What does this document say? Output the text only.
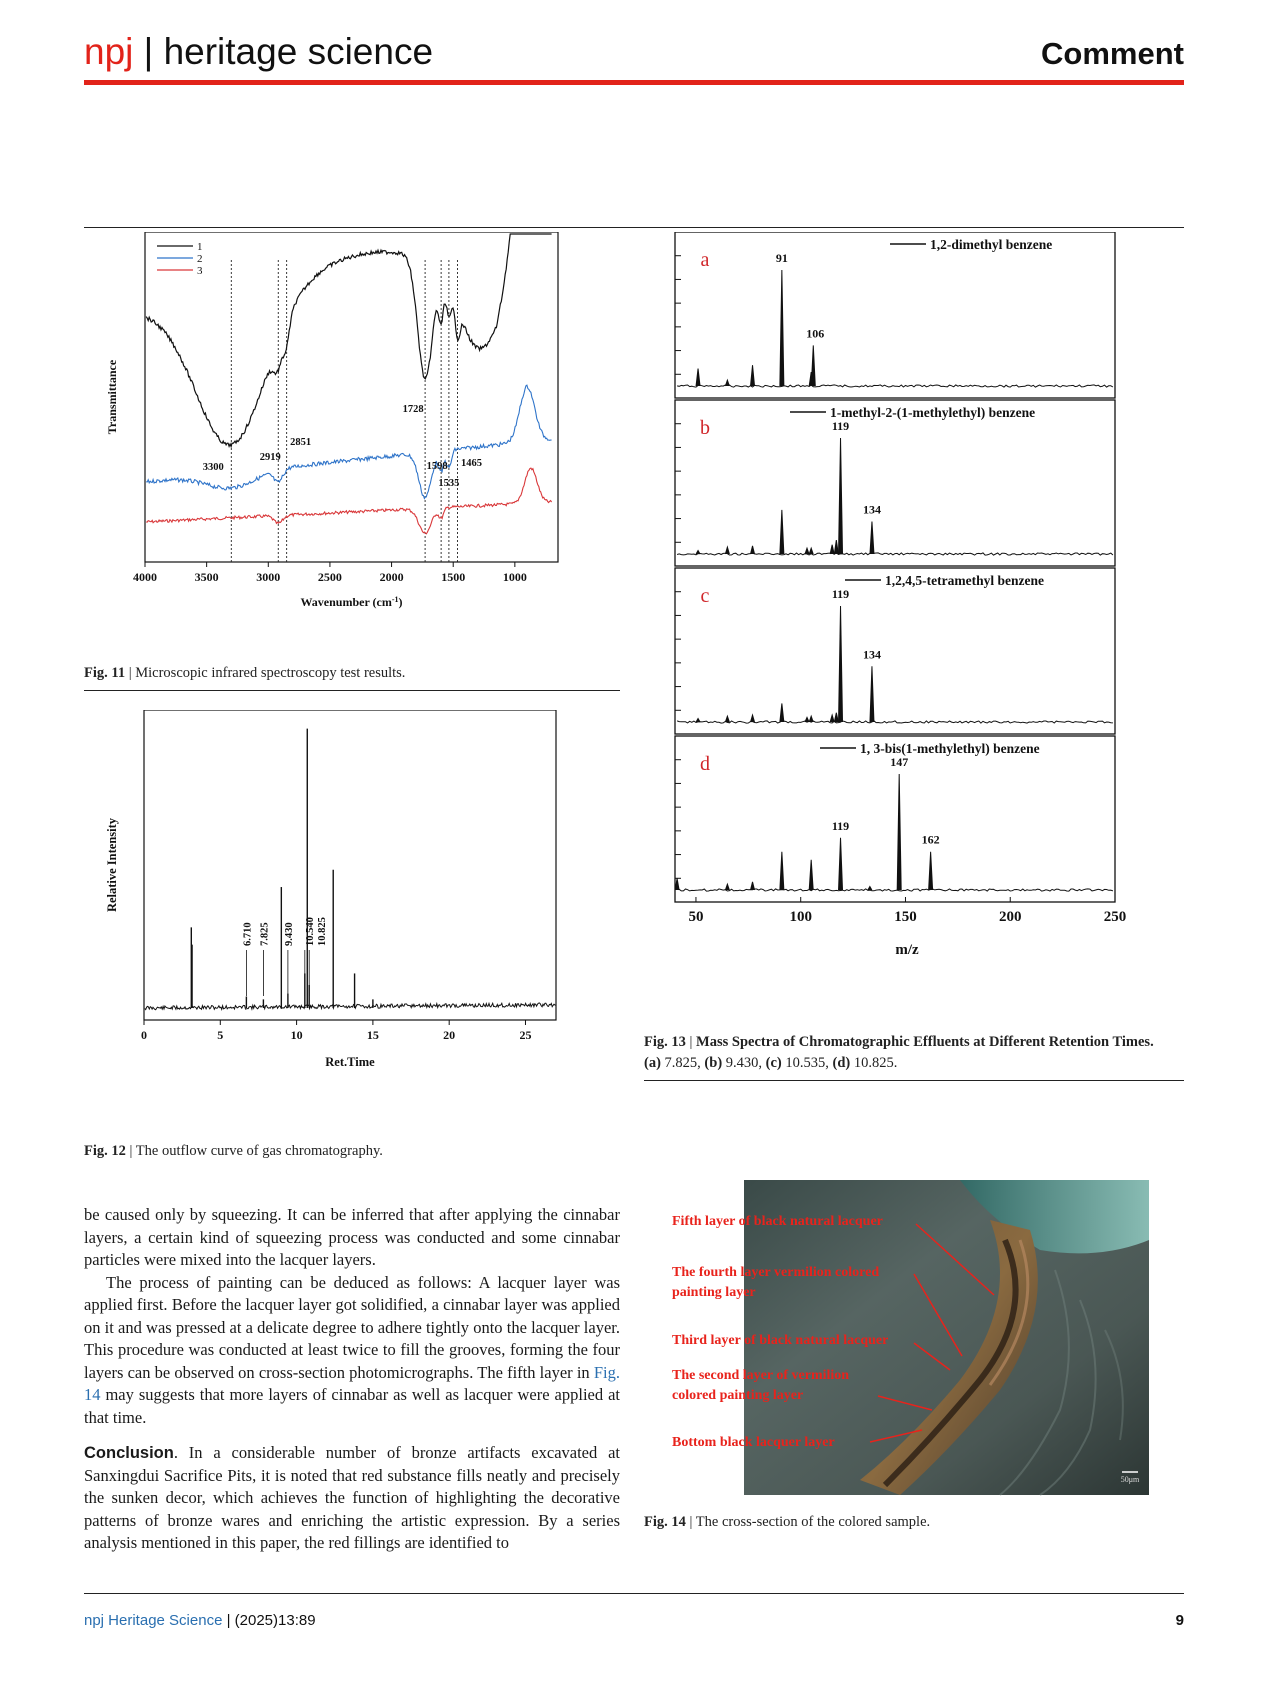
npj | heritage science	Comment
4000	3500	3000	2500	2000	1500	1000
Wavenumber $(cm^{-1})$
Transmittance
1
2
3
3300
2919
2851
1728
1598
1535
1465
Fig. 11 | Microscopic infrared spectroscopy test results.
0	5	10	15	20	25
Ret.Time
Relative Intensity
6.710 7.825 9.430 10.540 10.825
Fig. 12 | The outflow curve of gas chromatography.
a
1,2-dimethyl benzene
91
106
b
1-methyl-2-(1-methylethyl) benzene
119
134
c
1,2,4,5-tetramethyl benzene
119
134
d
1, 3-bis(1-methylethyl) benzene
119
147
162
50	100	150	200	250
m/z
Fig. 13 | Mass Spectra of Chromatographic Effluents at Different Retention Times. (a) 7.825, (b) 9.430, (c) 10.535, (d) 10.825.
Fifth layer of black natural lacquer
The fourth layer vermilion colored
painting layer
Third layer of black natural lacquer
The second layer of vermilion
colored painting layer
Bottom black lacquer layer
50μm
Fig. 14 | The cross-section of the colored sample.

be caused only by squeezing. It can be inferred that after applying the cinnabar layers, a certain kind of squeezing process was conducted and some cinnabar particles were mixed into the lacquer layers.

The process of painting can be deduced as follows: A lacquer layer was applied first. Before the lacquer layer got solidified, a cinnabar layer was applied on it and was pressed at a delicate degree to adhere tightly onto the lacquer layer. This procedure was conducted at least twice to fill the grooves, forming the four layers can be observed on cross-section photomicrographs. The fifth layer in Fig. 14 may suggests that more layers of cinnabar as well as lacquer were applied at that time.

Conclusion. In a considerable number of bronze artifacts excavated at Sanxingdui Sacrifice Pits, it is noted that red substance fills neatly and precisely the sunken decor, which achieves the function of highlighting the decorative patterns of bronze wares and enriching the artistic expression. By a series analysis mentioned in this paper, the red fillings are identified to

npj Heritage Science | (2025)13:89	9
